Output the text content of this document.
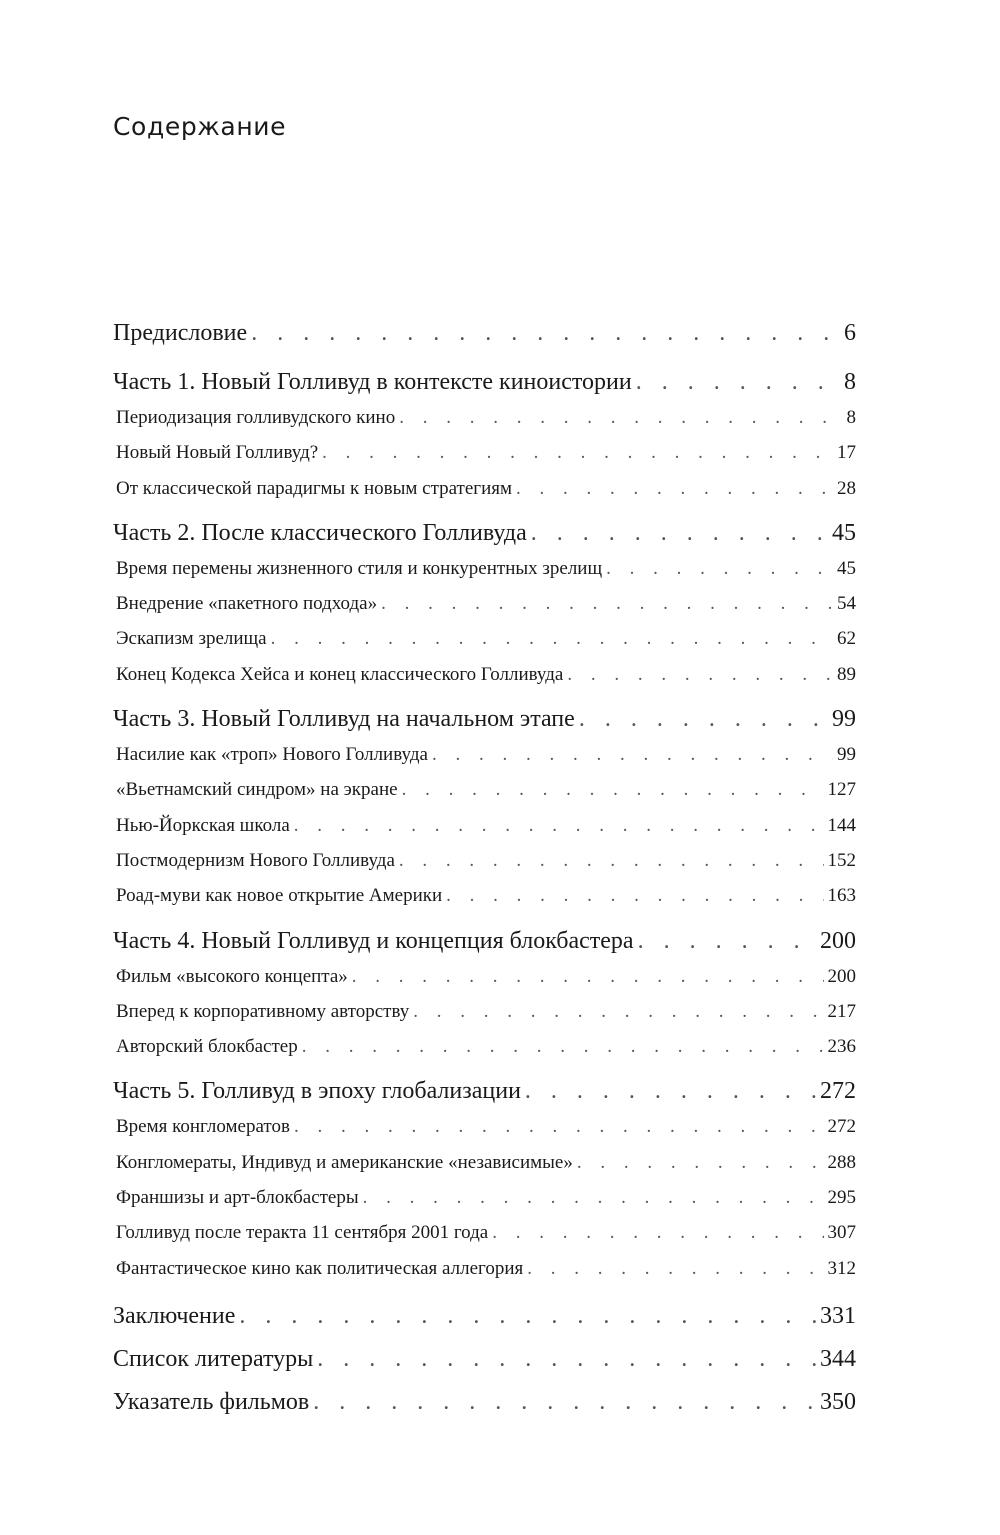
Содержание
Предисловие . . .	6
Часть 1. Новый Голливуд в контексте киноистории . . .	8
Периодизация голливудского кино . . .	8
Новый Новый Голливуд? . . .	17
От классической парадигмы к новым стратегиям . . .	28
Часть 2. После классического Голливуда . . .	45
Время перемены жизненного стиля и конкурентных зрелищ . . .	45
Внедрение «пакетного подхода» . . .	54
Эскапизм зрелища . . .	62
Конец Кодекса Хейса и конец классического Голливуда . . .	89
Часть 3. Новый Голливуд на начальном этапе . . .	99
Насилие как «троп» Нового Голливуда . . .	99
«Вьетнамский синдром» на экране . . .	127
Нью-Йоркская школа . . .	144
Постмодернизм Нового Голливуда . . .	152
Роад-муви как новое открытие Америки . . .	163
Часть 4. Новый Голливуд и концепция блокбастера . . .	200
Фильм «высокого концепта» . . .	200
Вперед к корпоративному авторству . . .	217
Авторский блокбастер . . .	236
Часть 5. Голливуд в эпоху глобализации . . .	272
Время конгломератов . . .	272
Конгломераты, Индивуд и американские «независимые» . . .	288
Франшизы и арт-блокбастеры . . .	295
Голливуд после теракта 11 сентября 2001 года . . .	307
Фантастическое кино как политическая аллегория . . .	312
Заключение . . .	331
Список литературы . . .	344
Указатель фильмов . . .	350
